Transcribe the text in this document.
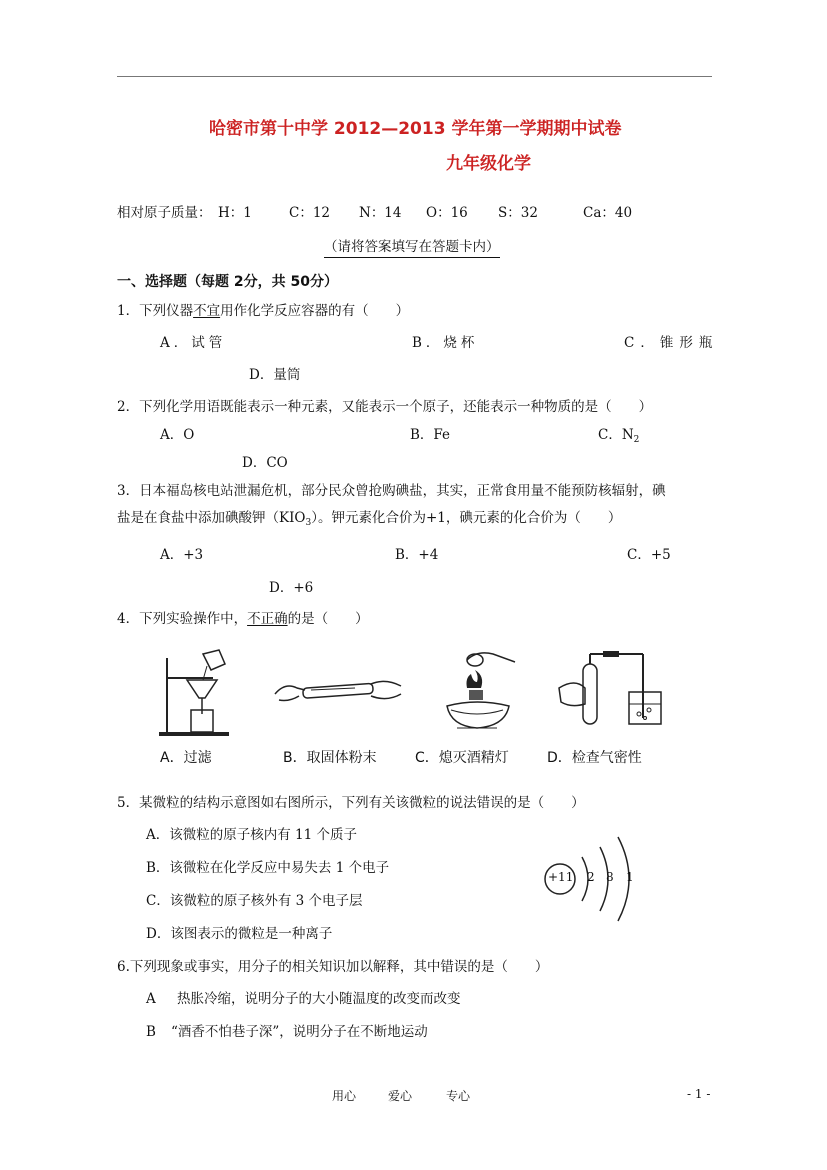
哈密市第十中学 2012—2013 学年第一学期期中试卷
九年级化学
相对原子质量： H：1	C：12 N：14 O：16 S：32	Ca：40
（请将答案填写在答题卡内）
一、选择题（每题 2分，共 50分）
1．下列仪器不宜用作化学反应容器的有（　　）
A．试管	B．烧杯	C．锥形瓶
D．量筒
2．下列化学用语既能表示一种元素，又能表示一个原子，还能表示一种物质的是（　　）
A．O	B．Fe	C．$N_2$
D．CO
3．日本福岛核电站泄漏危机，部分民众曾抢购碘盐，其实，正常食用量不能预防核辐射，碘
盐是在食盐中添加碘酸钾$(KIO_3)$。钾元素化合价为+1，碘元素的化合价为（　　）
A．+3	B．+4	C．+5
D．+6
4．下列实验操作中，不正确的是（　　）
A．过滤	B．取固体粉末	C．熄灭酒精灯	D．检查气密性
5．某微粒的结构示意图如右图所示，下列有关该微粒的说法错误的是（　　）
A．该微粒的原子核内有 11 个质子
B．该微粒在化学反应中易失去 1 个电子
C．该微粒的原子核外有 3 个电子层
D．该图表示的微粒是一种离子
+11 2 8 1
6.下列现象或事实，用分子的相关知识加以解释，其中错误的是（　　）
A 热胀冷缩，说明分子的大小随温度的改变而改变
B “酒香不怕巷子深”，说明分子在不断地运动
用心	爱心	专心	- 1 -
